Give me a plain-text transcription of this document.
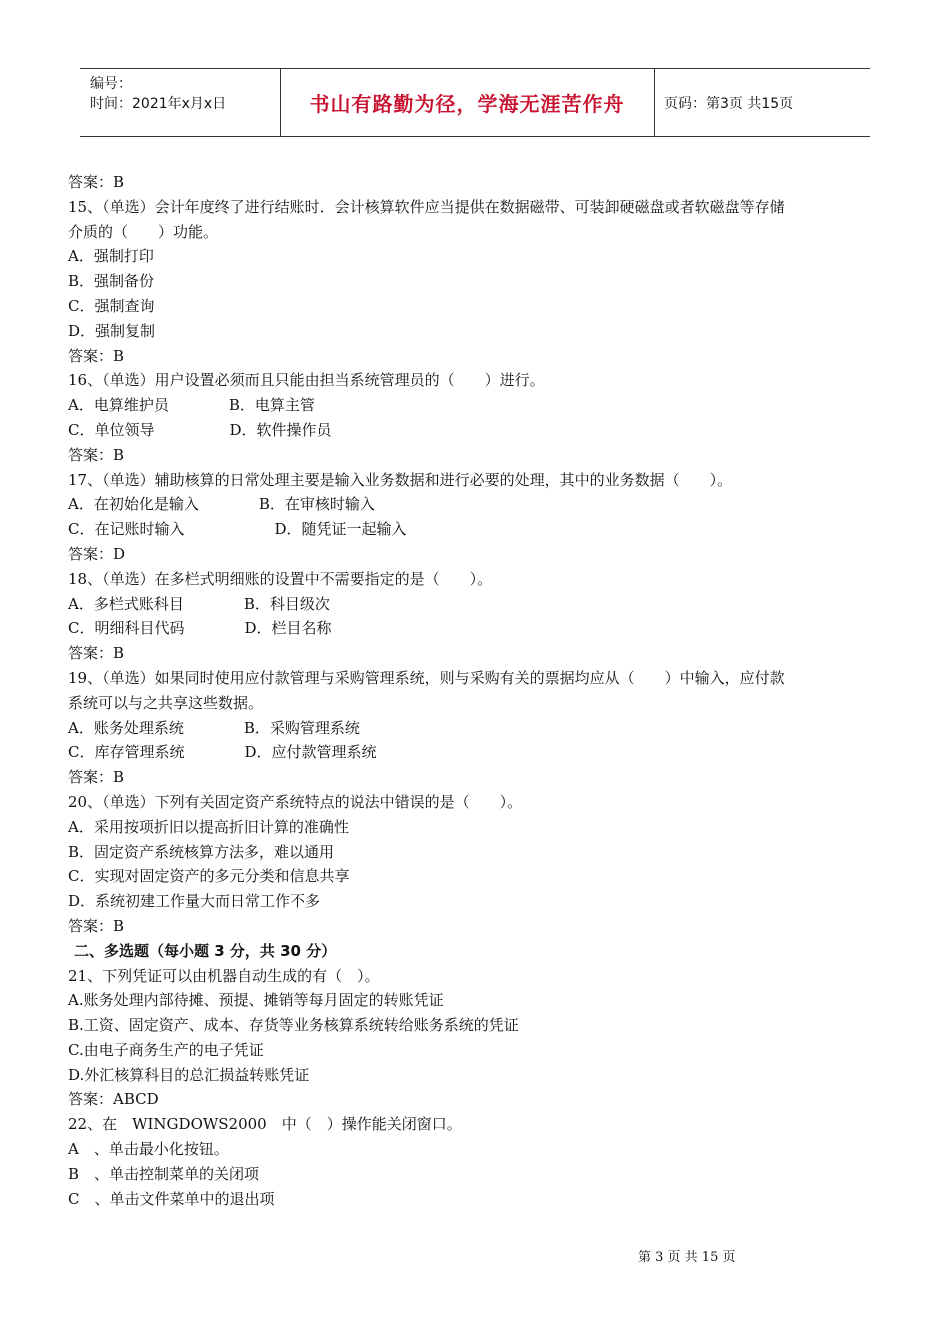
编号：
时间：2021年x月x日	书山有路勤为径，学海无涯苦作舟	页码：第3页 共15页
答案：B
15、（单选）会计年度终了进行结账时．会计核算软件应当提供在数据磁带、可装卸硬磁盘或者软磁盘等存储
介质的（　　）功能。
A．强制打印
B．强制备份
C．强制查询
D．强制复制
答案：B
16、（单选）用户设置必须而且只能由担当系统管理员的（　　）进行。
A．电算维护员　　　　B．电算主管
C．单位领导　　　　　D．软件操作员
答案：B
17、（单选）辅助核算的日常处理主要是输入业务数据和进行必要的处理，其中的业务数据（　　）。
A．在初始化是输入　　　　B．在审核时输入
C．在记账时输入　　　　　　D．随凭证一起输入
答案：D
18、（单选）在多栏式明细账的设置中不需要指定的是（　　）。
A．多栏式账科目　　　　B．科目级次
C．明细科目代码　　　　D．栏目名称
答案：B
19、（单选）如果同时使用应付款管理与采购管理系统，则与采购有关的票据均应从（　　）中输入，应付款
系统可以与之共享这些数据。
A．账务处理系统　　　　B．采购管理系统
C．库存管理系统　　　　D．应付款管理系统
答案：B
20、（单选）下列有关固定资产系统特点的说法中错误的是（　　）。
A．采用按项折旧以提高折旧计算的准确性
B．固定资产系统核算方法多，难以通用
C．实现对固定资产的多元分类和信息共享
D．系统初建工作量大而日常工作不多
答案：B
二、多选题（每小题 3 分，共 30 分）
21、下列凭证可以由机器自动生成的有（　）。
A.账务处理内部待摊、预提、摊销等每月固定的转账凭证
B.工资、固定资产、成本、存货等业务核算系统转给账务系统的凭证
C.由电子商务生产的电子凭证
D.外汇核算科目的总汇损益转账凭证
答案：ABCD
22、在　WINGDOWS2000　中（　）操作能关闭窗口。
A　、单击最小化按钮。
B　、单击控制菜单的关闭项
C　、单击文件菜单中的退出项
第 3 页 共 15 页
